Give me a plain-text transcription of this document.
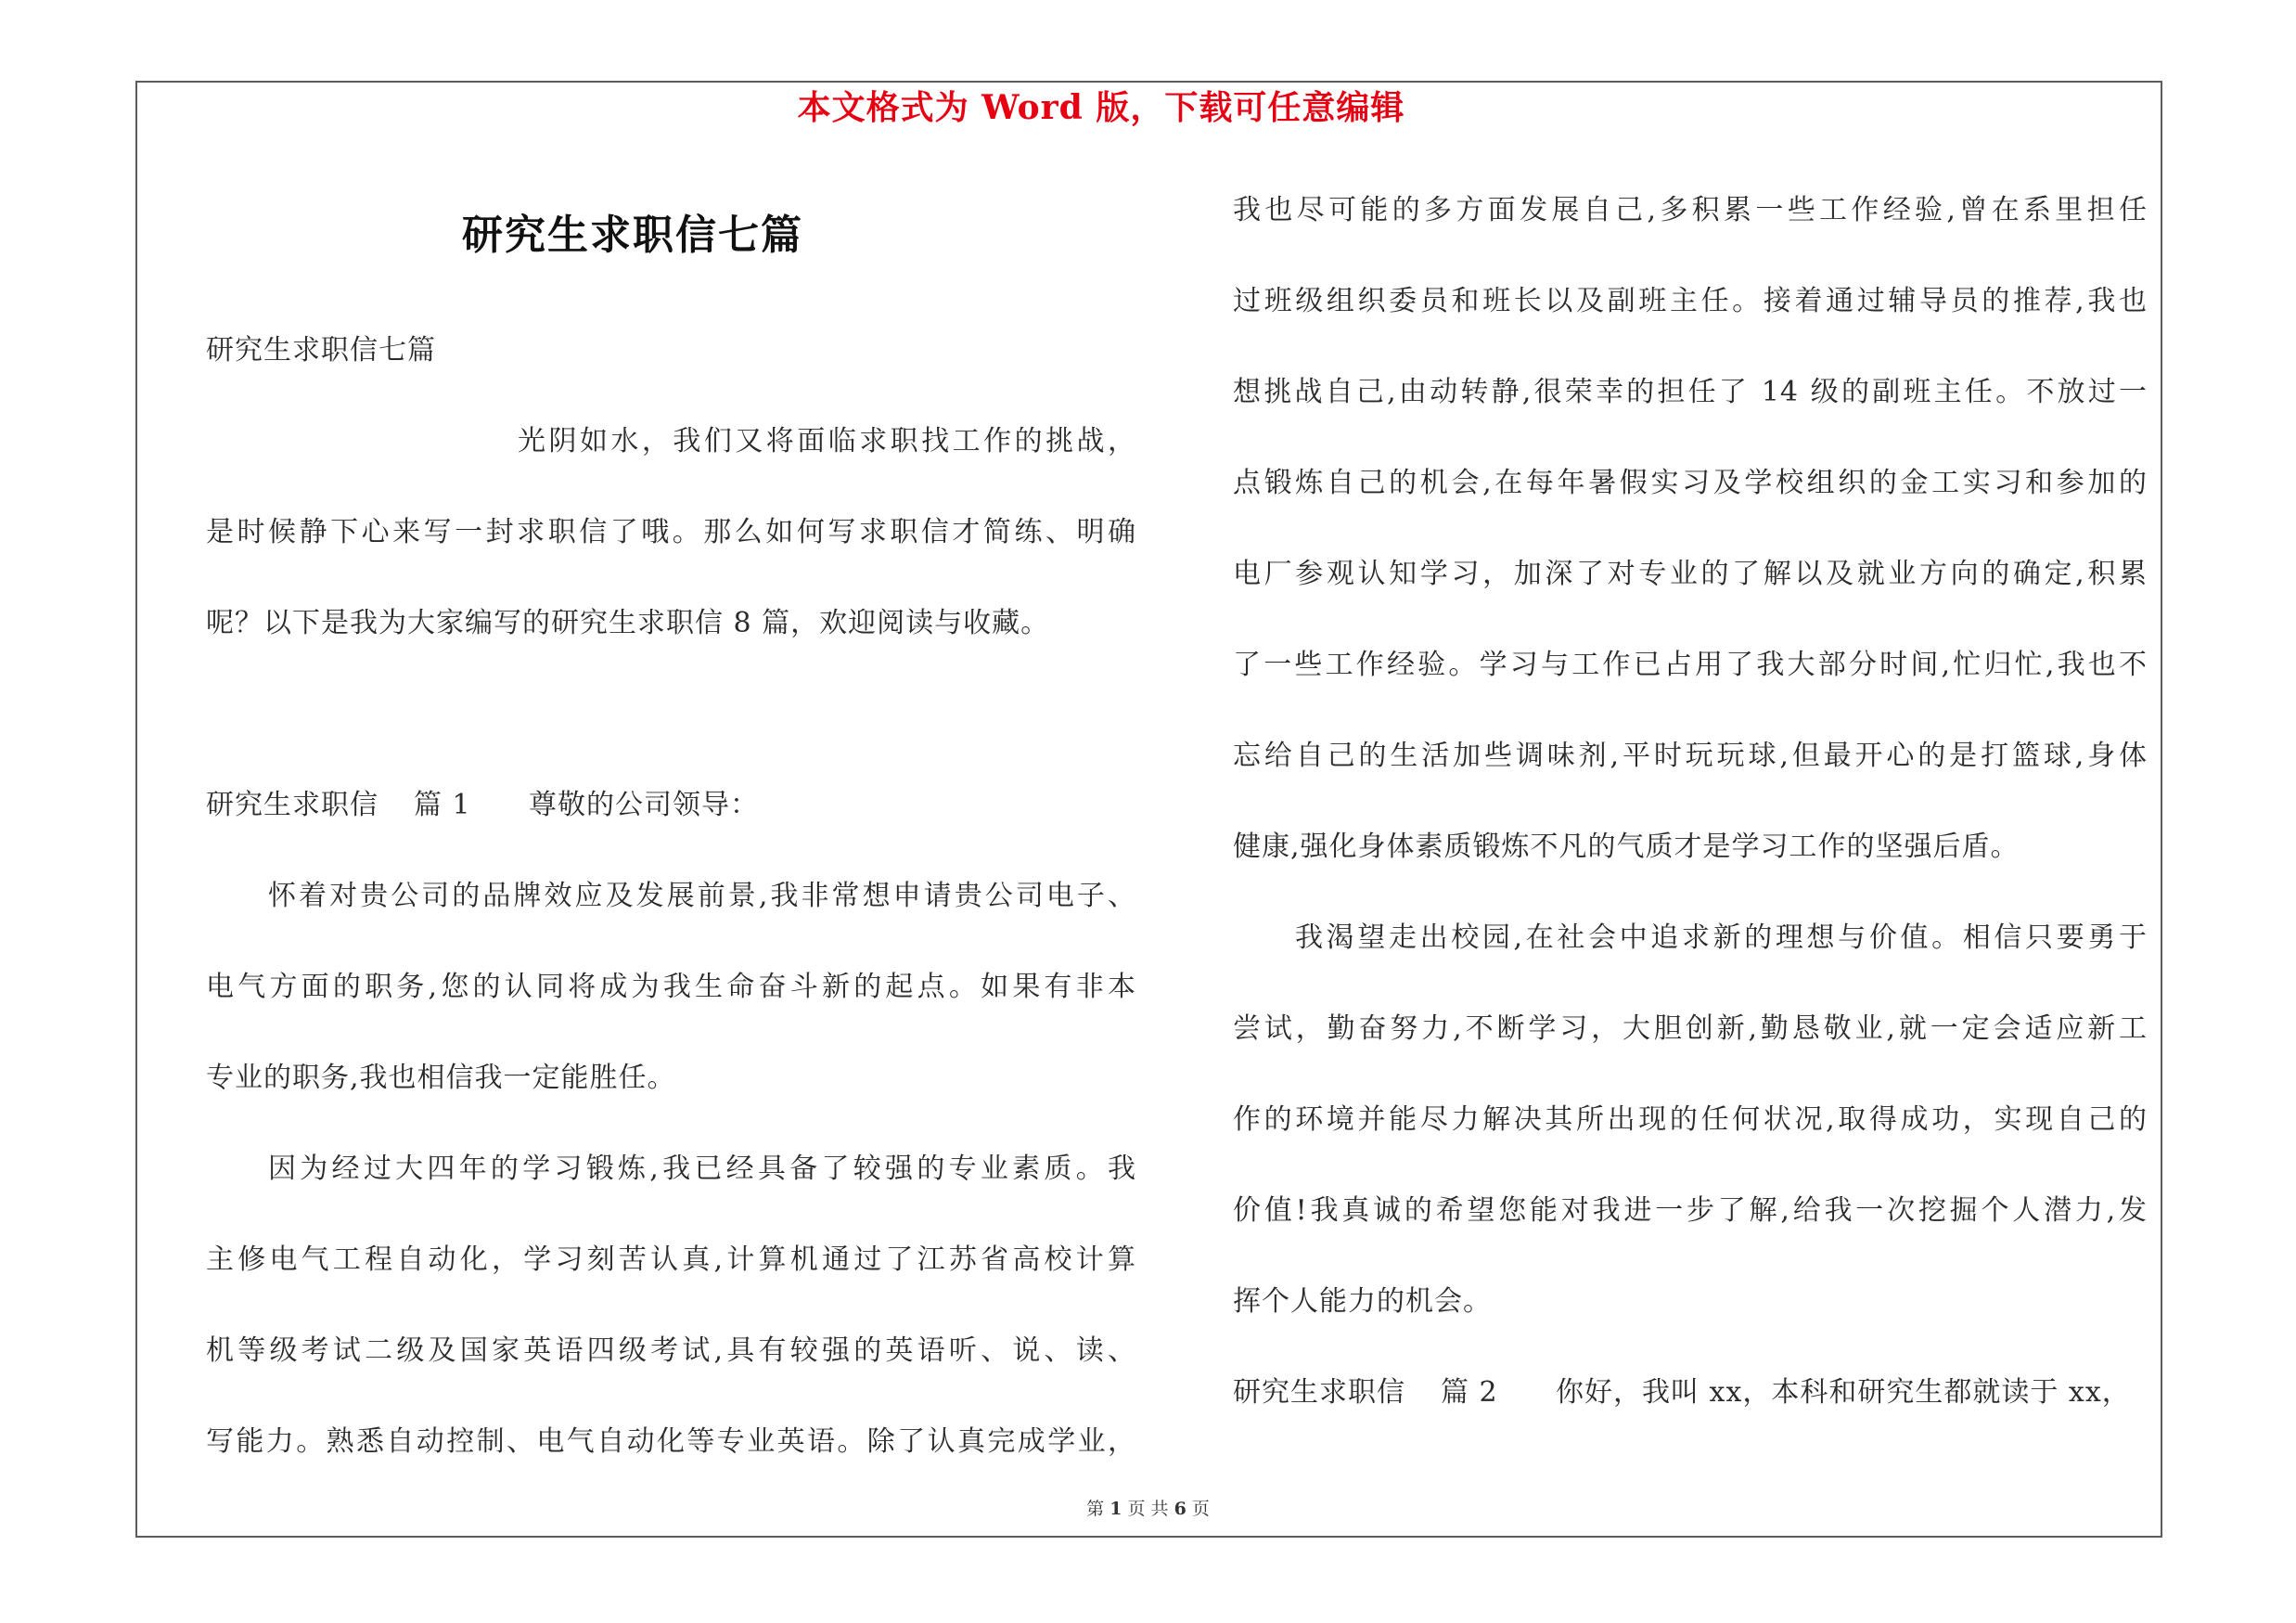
本文格式为 Word 版，下载可任意编辑
研究生求职信七篇
研究生求职信七篇
光阴如水，我们又将面临求职找工作的挑战，
是时候静下心来写一封求职信了哦。那么如何写求职信才简练、明确
呢？以下是我为大家编写的研究生求职信 8 篇，欢迎阅读与收藏。
研究生求职信	篇 1	尊敬的公司领导：
怀着对贵公司的品牌效应及发展前景,我非常想申请贵公司电子、
电气方面的职务,您的认同将成为我生命奋斗新的起点。如果有非本
专业的职务,我也相信我一定能胜任。
因为经过大四年的学习锻炼,我已经具备了较强的专业素质。我
主修电气工程自动化，学习刻苦认真,计算机通过了江苏省高校计算
机等级考试二级及国家英语四级考试,具有较强的英语听、说、读、
写能力。熟悉自动控制、电气自动化等专业英语。除了认真完成学业，
我也尽可能的多方面发展自己,多积累一些工作经验,曾在系里担任
过班级组织委员和班长以及副班主任。接着通过辅导员的推荐,我也
想挑战自己,由动转静,很荣幸的担任了 14 级的副班主任。不放过一
点锻炼自己的机会,在每年暑假实习及学校组织的金工实习和参加的
电厂参观认知学习，加深了对专业的了解以及就业方向的确定,积累
了一些工作经验。学习与工作已占用了我大部分时间,忙归忙,我也不
忘给自己的生活加些调味剂,平时玩玩球,但最开心的是打篮球,身体
健康,强化身体素质锻炼不凡的气质才是学习工作的坚强后盾。
我渴望走出校园,在社会中追求新的理想与价值。相信只要勇于
尝试，勤奋努力,不断学习，大胆创新,勤恳敬业,就一定会适应新工
作的环境并能尽力解决其所出现的任何状况,取得成功，实现自己的
价值!我真诚的希望您能对我进一步了解,给我一次挖掘个人潜力,发
挥个人能力的机会。
研究生求职信	篇 2	你好，我叫 xx，本科和研究生都就读于 xx，
第 1 页 共 6 页
